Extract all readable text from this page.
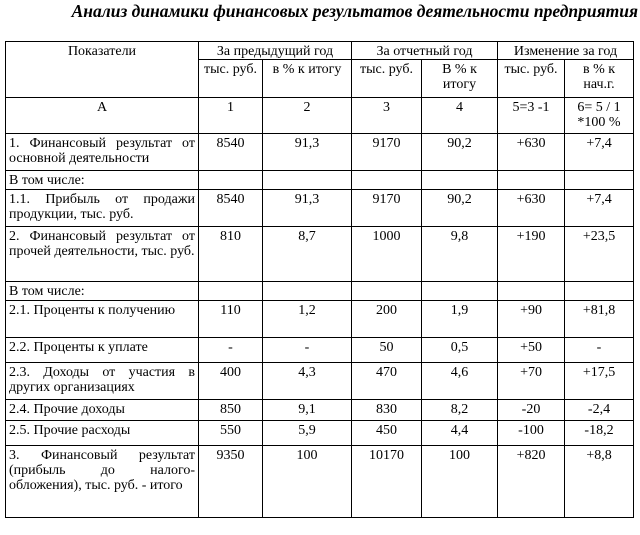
Анализ динамики финансовых результатов деятельности предприятия
Показатели	За предыдущий год		За отчетный год		Изменение за год	
	тыс. руб.	в % к итогу	тыс. руб.	В % к итогу	тыс. руб.	в % к нач.г.
А	1	2	3	4	5=3 -1	6= 5 / 1 *100 %
1. Финансовый результат от основной деятельности	8540	91,3	9170	90,2	+630	+7,4
В том числе:						
1.1. Прибыль от продажи продукции, тыс. руб.	8540	91,3	9170	90,2	+630	+7,4
2. Финансовый результат от прочей деятельности, тыс. руб.	810	8,7	1000	9,8	+190	+23,5
В том числе:						
2.1. Проценты к получению	110	1,2	200	1,9	+90	+81,8
2.2. Проценты к уплате	-	-	50	0,5	+50	-
2.3. Доходы от участия в других организациях	400	4,3	470	4,6	+70	+17,5
2.4. Прочие доходы	850	9,1	830	8,2	-20	-2,4
2.5. Прочие расходы	550	5,9	450	4,4	-100	-18,2
3. Финансовый результат (прибыль до налого-обложения), тыс. руб. - итого	9350	100	10170	100	+820	+8,8
